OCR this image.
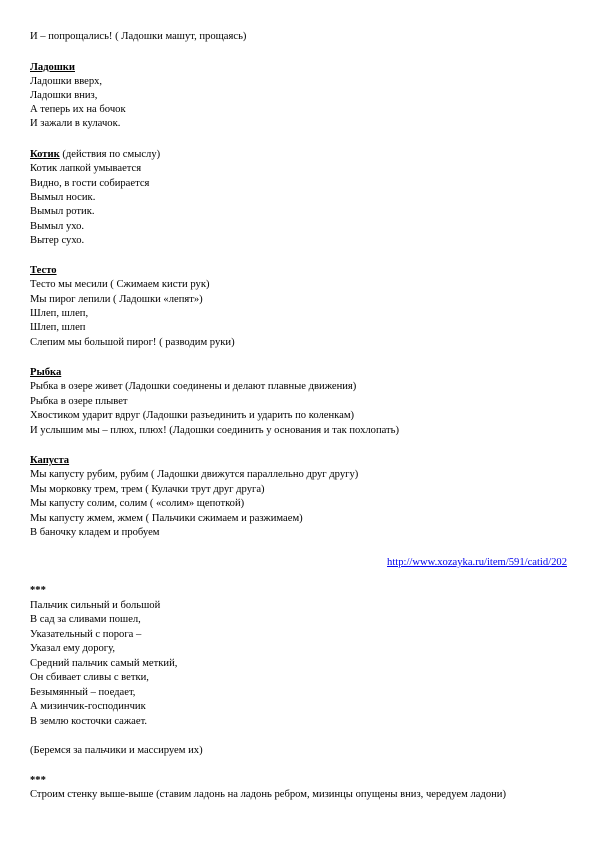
И – попрощались! ( Ладошки машут, прощаясь)
Ладошки
Ладошки вверх,
Ладошки вниз,
А теперь их на бочок
И зажали в кулачок.
Котик (действия по смыслу)
Котик лапкой умывается
Видно, в гости собирается
Вымыл носик.
Вымыл ротик.
Вымыл ухо.
Вытер сухо.
Тесто
Тесто мы месили ( Сжимаем кисти рук)
Мы пирог лепили ( Ладошки «лепят»)
Шлеп, шлеп,
Шлеп, шлеп
Слепим мы большой пирог! ( разводим руки)
Рыбка
Рыбка в озере живет (Ладошки соединены и делают плавные движения)
Рыбка в озере плывет
Хвостиком ударит вдруг (Ладошки разъединить и ударить по коленкам)
И услышим мы – плюх, плюх! (Ладошки соединить у основания и так похлопать)
Капуста
Мы капусту рубим, рубим ( Ладошки движутся параллельно друг другу)
Мы морковку трем, трем ( Кулачки трут друг друга)
Мы капусту солим, солим ( «солим» щепоткой)
Мы капусту жмем, жмем ( Пальчики сжимаем и разжимаем)
В баночку кладем и пробуем
http://www.xozayka.ru/item/591/catid/202
***
Пальчик сильный и большой
В сад за сливами пошел,
Указательный с порога –
Указал ему дорогу,
Средний пальчик самый меткий,
Он сбивает сливы с ветки,
Безымянный – поедает,
А мизинчик-господинчик
В землю косточки сажает.
(Беремся за пальчики и массируем их)
***
Строим стенку выше-выше (ставим ладонь на ладонь ребром, мизинцы опущены вниз, чередуем ладони)
